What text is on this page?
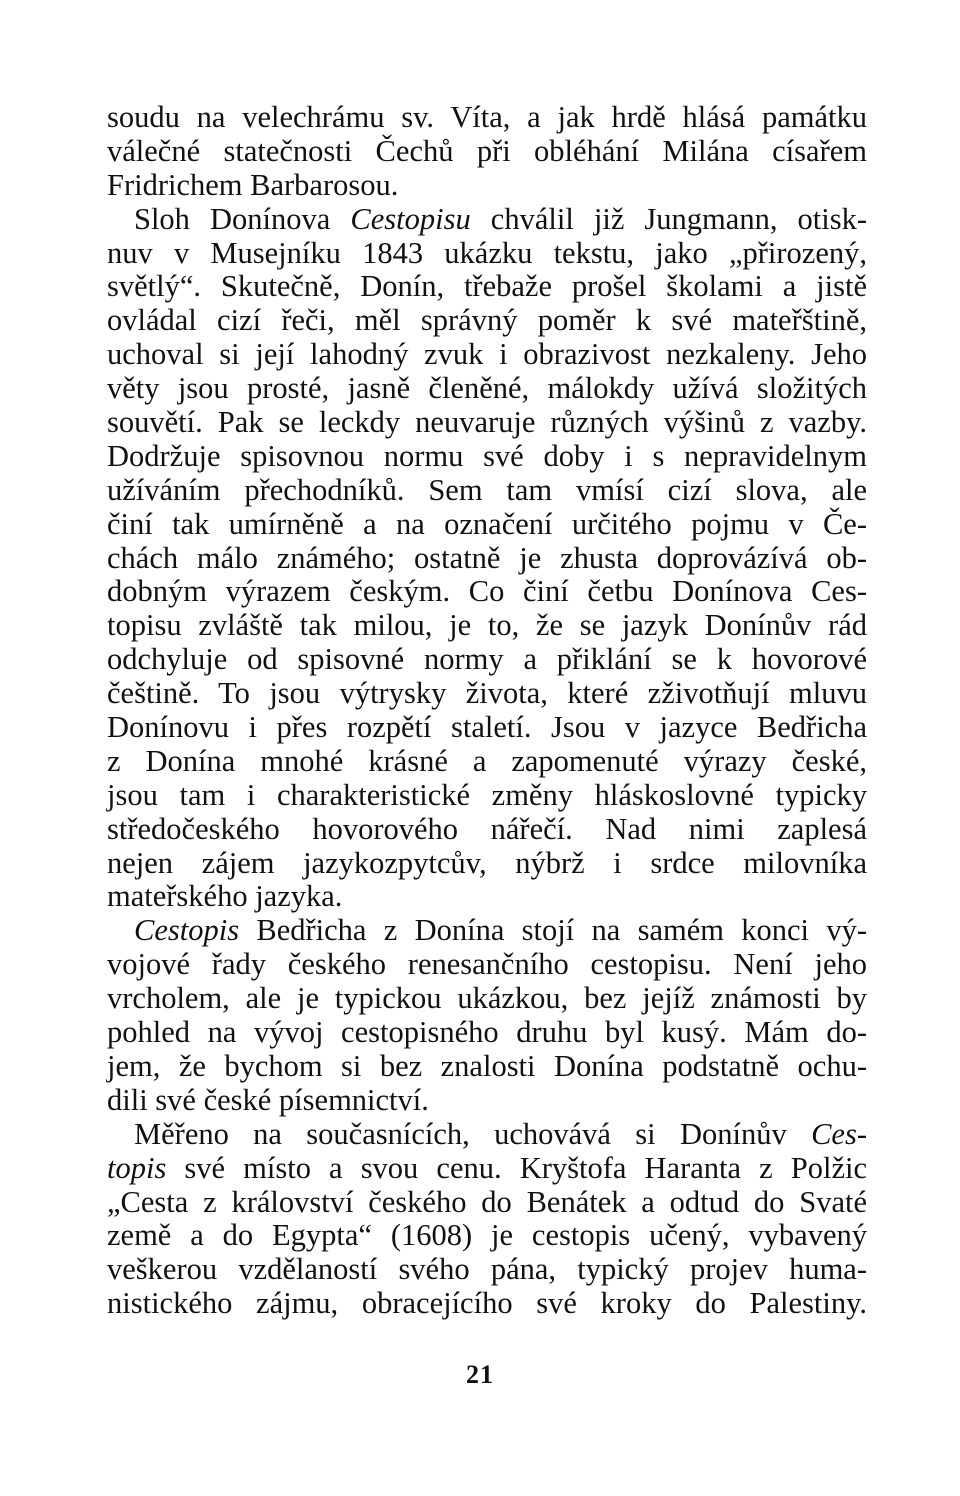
soudu na velechrámu sv. Víta, a jak hrdě hlásá památku
válečné statečnosti Čechů při obléhání Milána císařem
Fridrichem Barbarosou.
Sloh Donínova Cestopisu chválil již Jungmann, otisk-
nuv v Musejníku 1843 ukázku tekstu, jako „přirozený,
světlý“. Skutečně, Donín, třebaže prošel školami a jistě
ovládal cizí řeči, měl správný poměr k své mateřštině,
uchoval si její lahodný zvuk i obrazivost nezkaleny. Jeho
věty jsou prosté, jasně členěné, málokdy užívá složitých
souvětí. Pak se leckdy neuvaruje různých výšinů z vazby.
Dodržuje spisovnou normu své doby i s nepravidelnym
užíváním přechodníků. Sem tam vmísí cizí slova, ale
činí tak umírněně a na označení určitého pojmu v Če-
chách málo známého; ostatně je zhusta doprovázívá ob-
dobným výrazem českým. Co činí četbu Donínova Ces-
topisu zvláště tak milou, je to, že se jazyk Donínův rád
odchyluje od spisovné normy a přiklání se k hovorové
češtině. To jsou výtrysky života, které zživotňují mluvu
Donínovu i přes rozpětí staletí. Jsou v jazyce Bedřicha
z Donína mnohé krásné a zapomenuté výrazy české,
jsou tam i charakteristické změny hláskoslovné typicky
středočeského hovorového nářečí. Nad nimi zaplesá
nejen zájem jazykozpytcův, nýbrž i srdce milovníka
mateřského jazyka.
Cestopis Bedřicha z Donína stojí na samém konci vý-
vojové řady českého renesančního cestopisu. Není jeho
vrcholem, ale je typickou ukázkou, bez jejíž známosti by
pohled na vývoj cestopisného druhu byl kusý. Mám do-
jem, že bychom si bez znalosti Donína podstatně ochu-
dili své české písemnictví.
Měřeno na současnících, uchovává si Donínův Ces-
topis své místo a svou cenu. Kryštofa Haranta z Polžic
„Cesta z království českého do Benátek a odtud do Svaté
země a do Egypta“ (1608) je cestopis učený, vybavený
veškerou vzdělaností svého pána, typický projev huma-
nistického zájmu, obracejícího své kroky do Palestiny.
21
